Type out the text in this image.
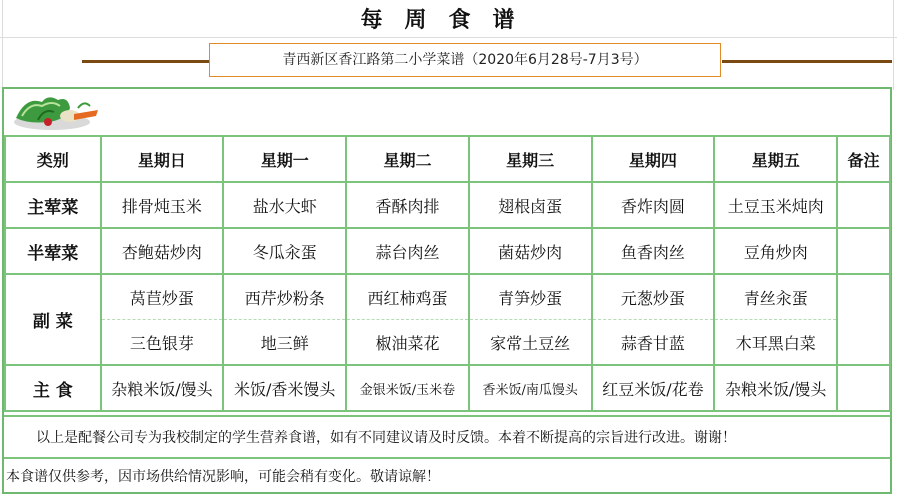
每周食谱
青西新区香江路第二小学菜谱（2020年6月28号-7月3号）
类别	星期日	星期一	星期二	星期三	星期四	星期五	备注
主荤菜	排骨炖玉米	盐水大虾	香酥肉排	翅根卤蛋	香炸肉圆	土豆玉米炖肉	
半荤菜	杏鲍菇炒肉	冬瓜汆蛋	蒜台肉丝	菌菇炒肉	鱼香肉丝	豆角炒肉	
副 菜	莴苣炒蛋	西芹炒粉条	西红柿鸡蛋	青笋炒蛋	元葱炒蛋	青丝汆蛋	
	三色银芽	地三鲜	椒油菜花	家常土豆丝	蒜香甘蓝	木耳黑白菜	
主 食	杂粮米饭/馒头	米饭/香米馒头	金银米饭/玉米卷	香米饭/南瓜馒头	红豆米饭/花卷	杂粮米饭/馒头	
以上是配餐公司专为我校制定的学生营养食谱，如有不同建议请及时反馈。本着不断提高的宗旨进行改进。谢谢！
本食谱仅供参考，因市场供给情况影响，可能会稍有变化。敬请谅解！
